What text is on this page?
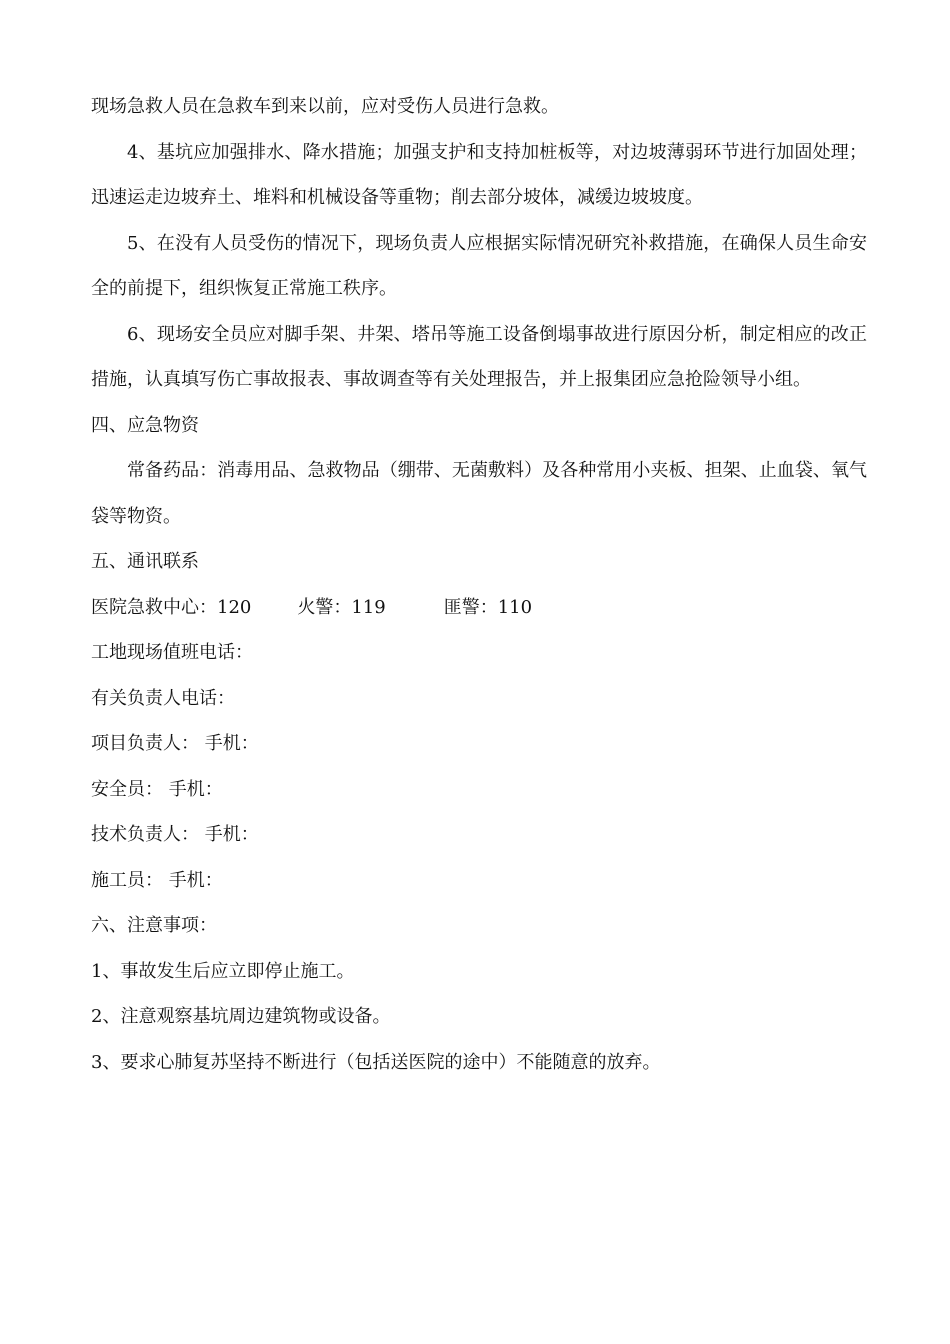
现场急救人员在急救车到来以前，应对受伤人员进行急救。
4、基坑应加强排水、降水措施；加强支护和支持加桩板等，对边坡薄弱环节进行加固处理；迅速运走边坡弃土、堆料和机械设备等重物；削去部分坡体，减缓边坡坡度。
5、在没有人员受伤的情况下，现场负责人应根据实际情况研究补救措施，在确保人员生命安全的前提下，组织恢复正常施工秩序。
6、现场安全员应对脚手架、井架、塔吊等施工设备倒塌事故进行原因分析，制定相应的改正措施，认真填写伤亡事故报表、事故调查等有关处理报告，并上报集团应急抢险领导小组。
四、应急物资
常备药品：消毒用品、急救物品（绷带、无菌敷料）及各种常用小夹板、担架、止血袋、氧气袋等物资。
五、通讯联系
医院急救中心：120	火警：119	匪警：110
工地现场值班电话：
有关负责人电话：
项目负责人： 手机：
安全员： 手机：
技术负责人： 手机：
施工员： 手机：
六、注意事项：
1、事故发生后应立即停止施工。
2、注意观察基坑周边建筑物或设备。
3、要求心肺复苏坚持不断进行（包括送医院的途中）不能随意的放弃。
